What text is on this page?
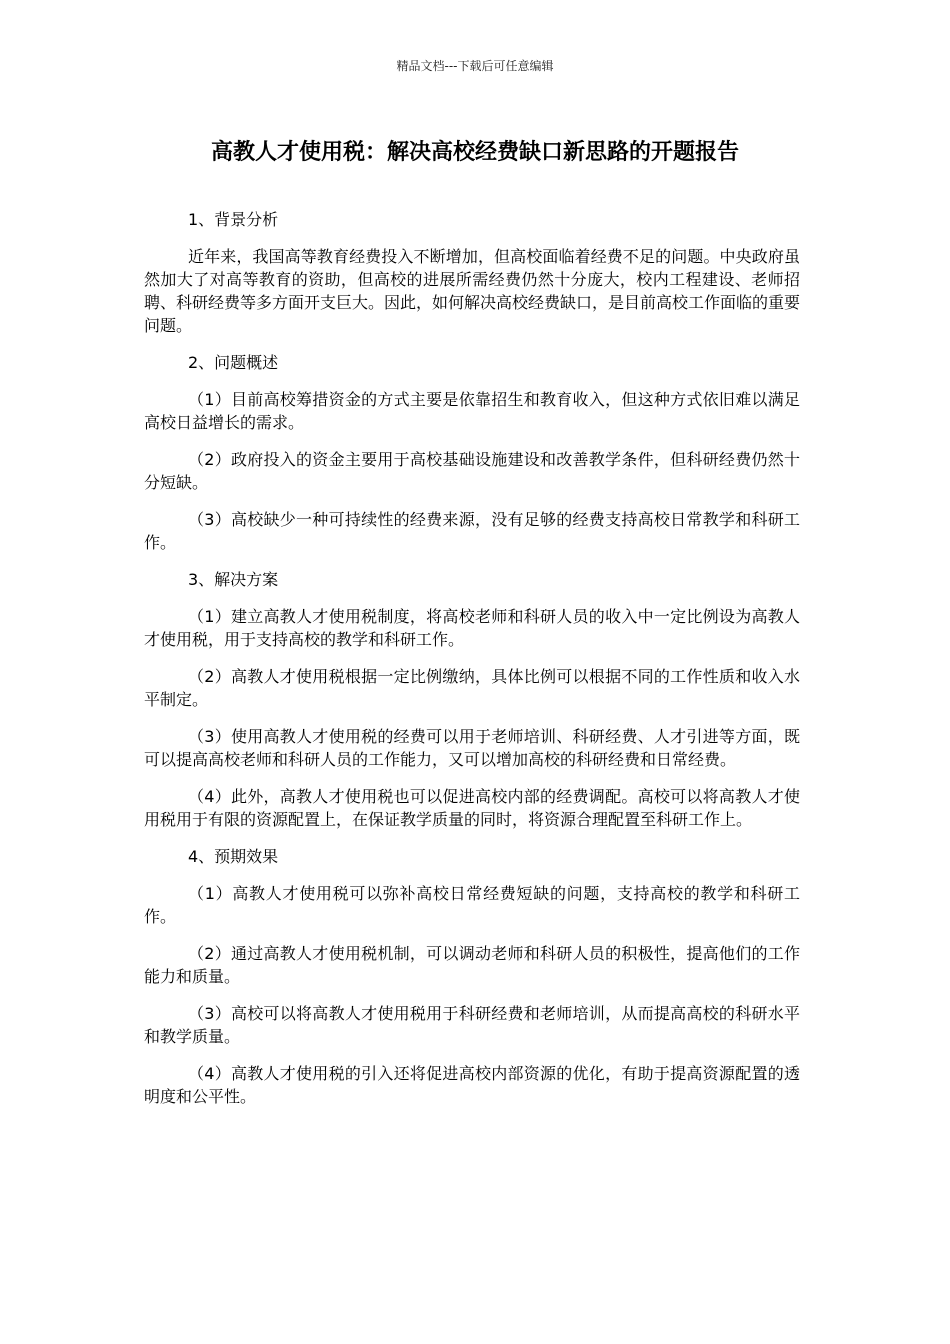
精品文档---下载后可任意编辑
高教人才使用税：解决高校经费缺口新思路的开题报告
1、背景分析

近年来，我国高等教育经费投入不断增加，但高校面临着经费不足的问题。中央政府虽然加大了对高等教育的资助，但高校的进展所需经费仍然十分庞大，校内工程建设、老师招聘、科研经费等多方面开支巨大。因此，如何解决高校经费缺口，是目前高校工作面临的重要问题。

2、问题概述

（1）目前高校筹措资金的方式主要是依靠招生和教育收入，但这种方式依旧难以满足高校日益增长的需求。

（2）政府投入的资金主要用于高校基础设施建设和改善教学条件，但科研经费仍然十分短缺。

（3）高校缺少一种可持续性的经费来源，没有足够的经费支持高校日常教学和科研工作。

3、解决方案

（1）建立高教人才使用税制度，将高校老师和科研人员的收入中一定比例设为高教人才使用税，用于支持高校的教学和科研工作。

（2）高教人才使用税根据一定比例缴纳，具体比例可以根据不同的工作性质和收入水平制定。

（3）使用高教人才使用税的经费可以用于老师培训、科研经费、人才引进等方面，既可以提高高校老师和科研人员的工作能力，又可以增加高校的科研经费和日常经费。

（4）此外，高教人才使用税也可以促进高校内部的经费调配。高校可以将高教人才使用税用于有限的资源配置上，在保证教学质量的同时，将资源合理配置至科研工作上。

4、预期效果

（1）高教人才使用税可以弥补高校日常经费短缺的问题，支持高校的教学和科研工作。

（2）通过高教人才使用税机制，可以调动老师和科研人员的积极性，提高他们的工作能力和质量。

（3）高校可以将高教人才使用税用于科研经费和老师培训，从而提高高校的科研水平和教学质量。

（4）高教人才使用税的引入还将促进高校内部资源的优化，有助于提高资源配置的透明度和公平性。
